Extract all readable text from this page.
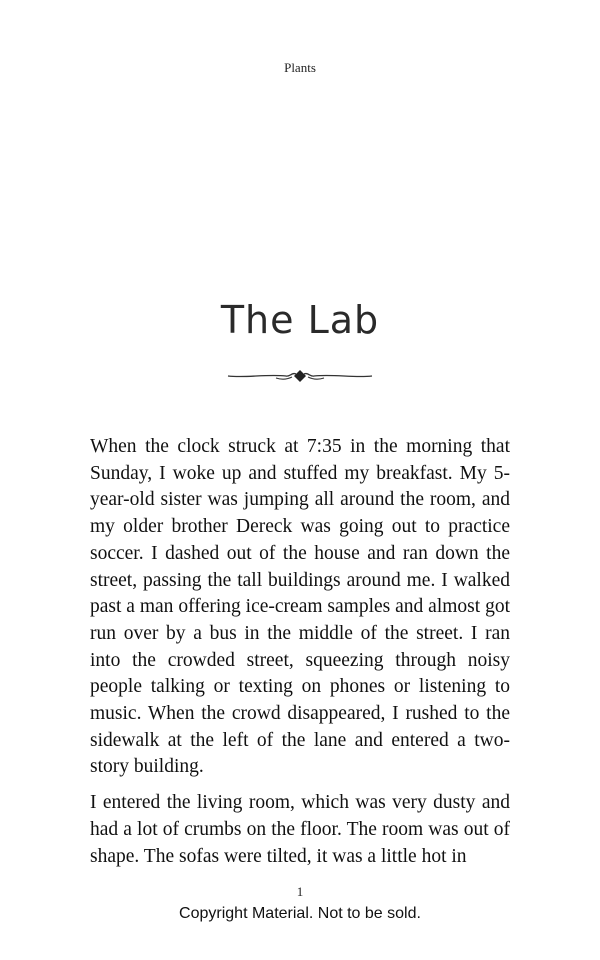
Plants
The Lab

When the clock struck at 7:35 in the morning that Sunday, I woke up and stuffed my breakfast. My 5-year-old sister was jumping all around the room, and my older brother Dereck was going out to practice soccer. I dashed out of the house and ran down the street, passing the tall buildings around me. I walked past a man offering ice-cream samples and almost got run over by a bus in the middle of the street. I ran into the crowded street, squeezing through noisy people talking or texting on phones or listening to music. When the crowd disappeared, I rushed to the sidewalk at the left of the lane and entered a two-story building.

I entered the living room, which was very dusty and had a lot of crumbs on the floor. The room was out of shape. The sofas were tilted, it was a little hot in

1
Copyright Material. Not to be sold.
